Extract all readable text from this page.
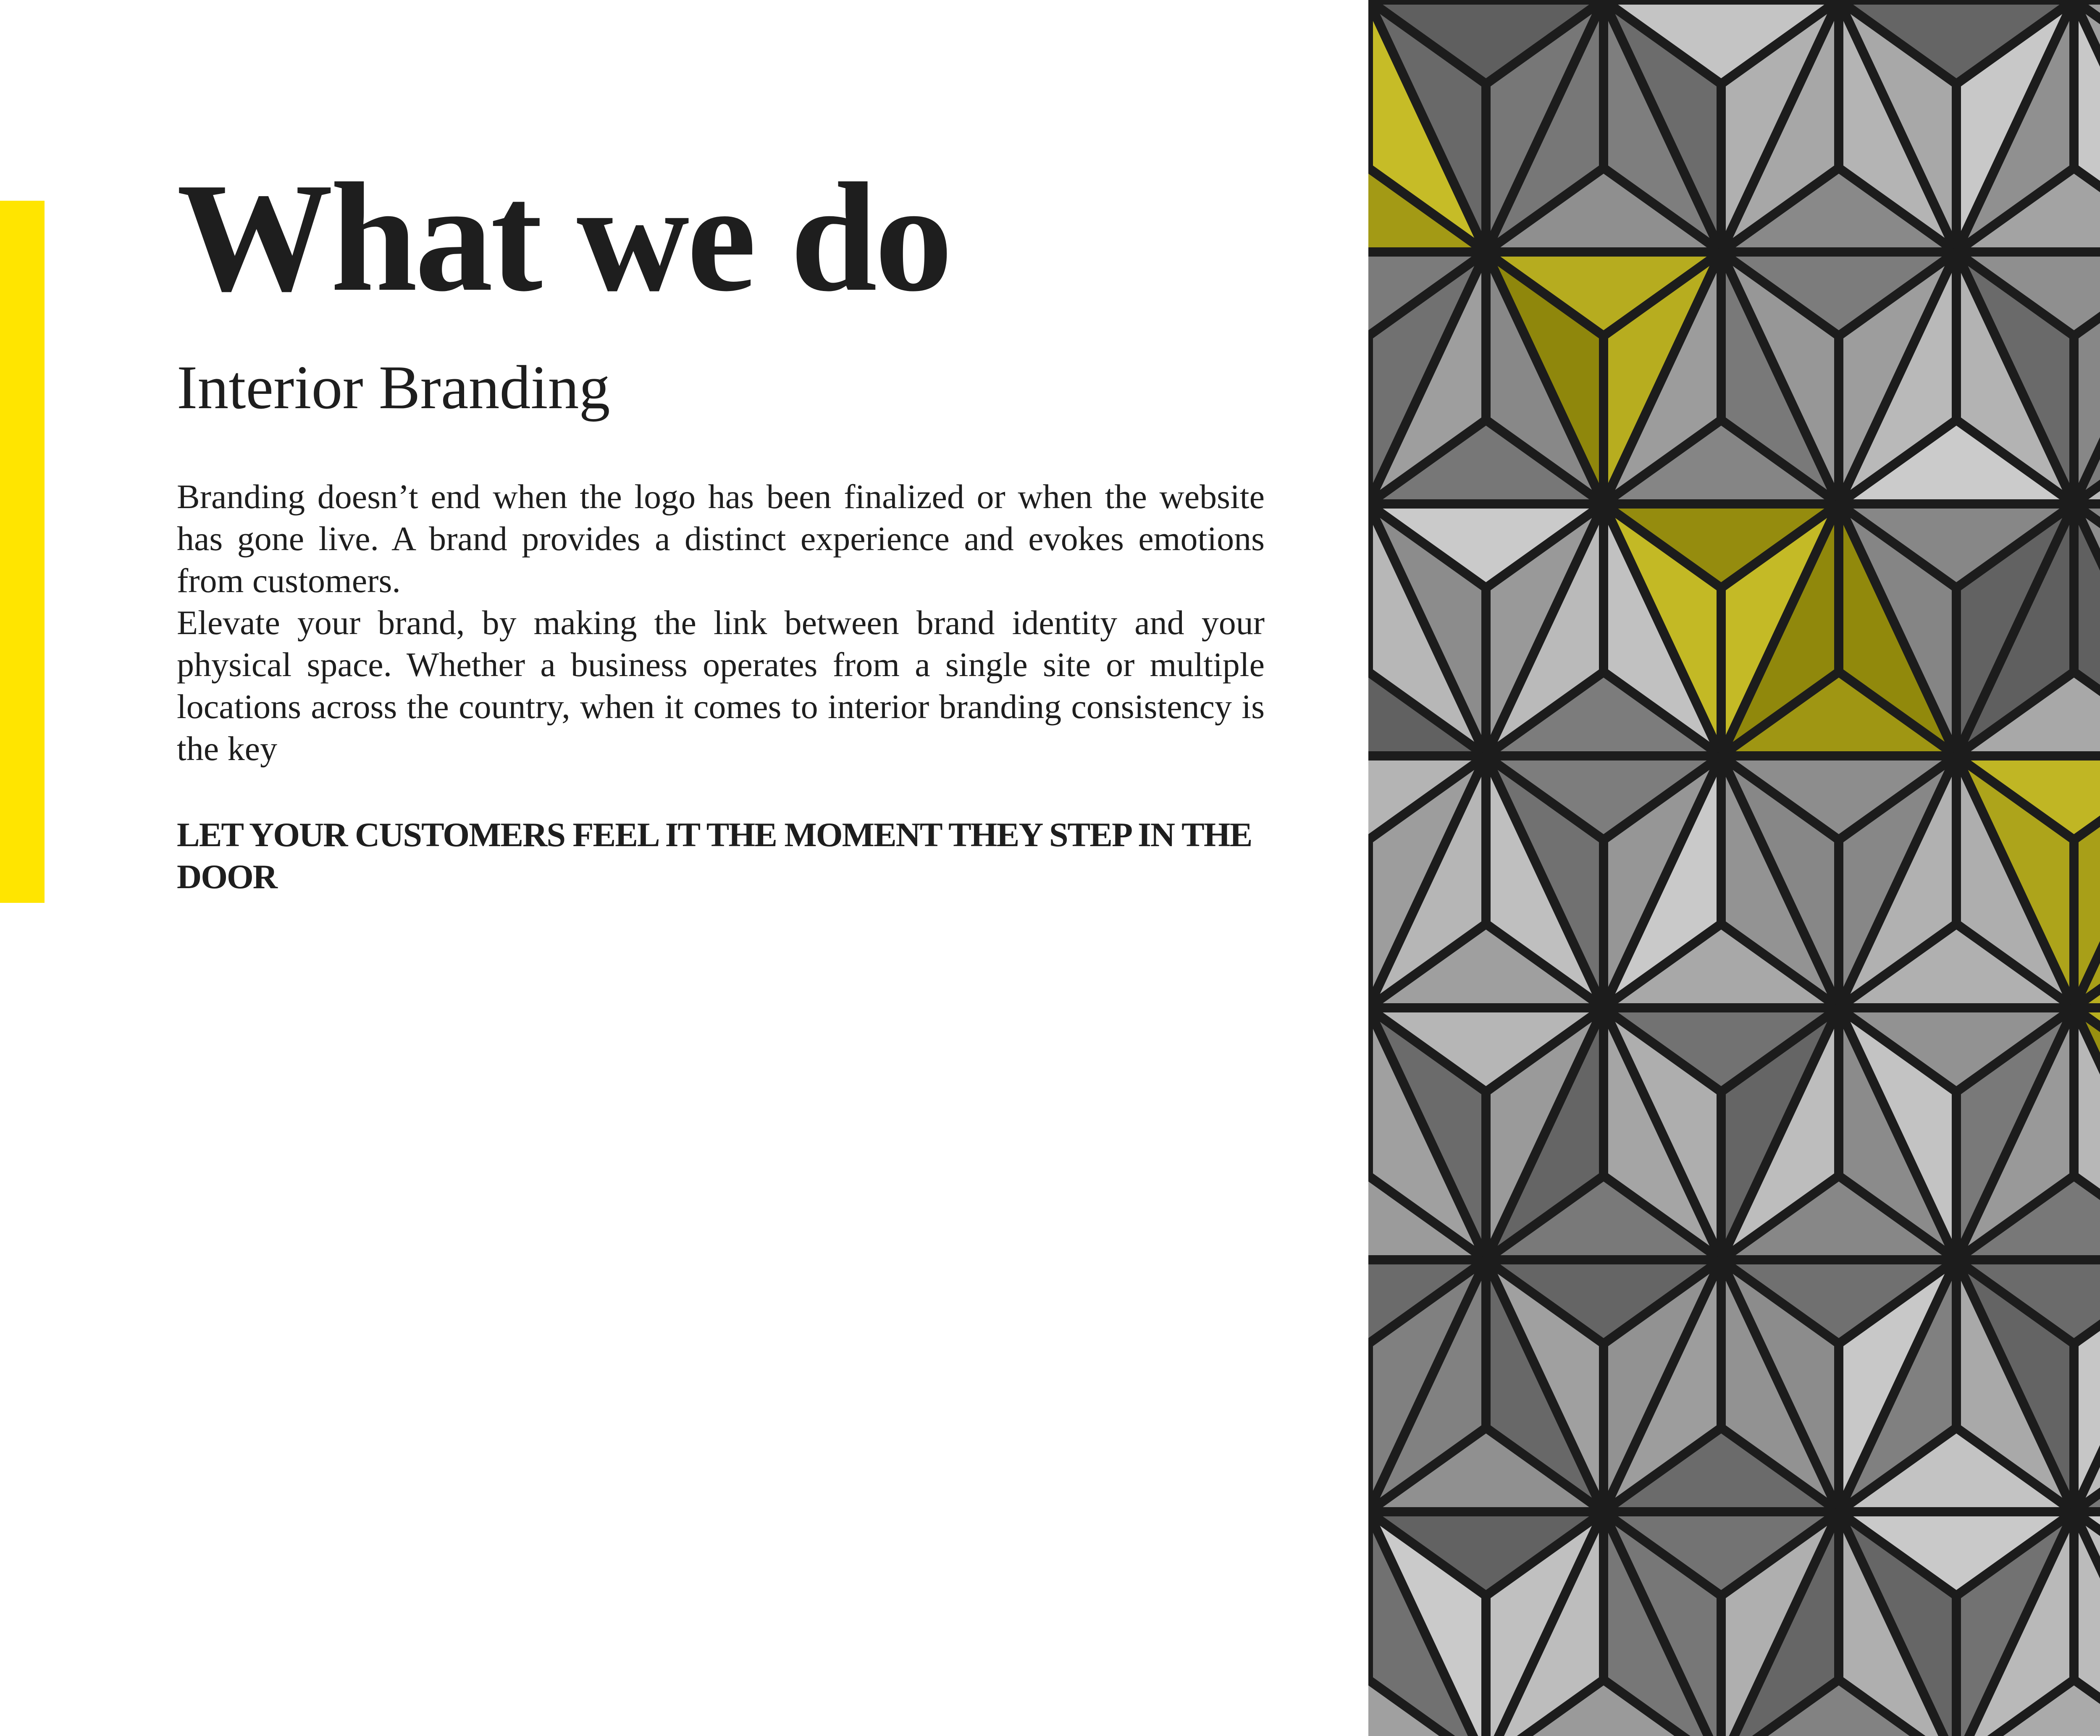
What we do
Interior Branding

Branding doesn’t end when the logo has been finalized or when the website has gone live. A brand provides a distinct experience and evokes emotions from customers.

Elevate your brand, by making the link between brand identity and your physical space. Whether a business operates from a single site or multiple locations across the country, when it comes to interior branding consistency is the key

LET YOUR CUSTOMERS FEEL IT THE MOMENT THEY STEP IN THE DOOR
